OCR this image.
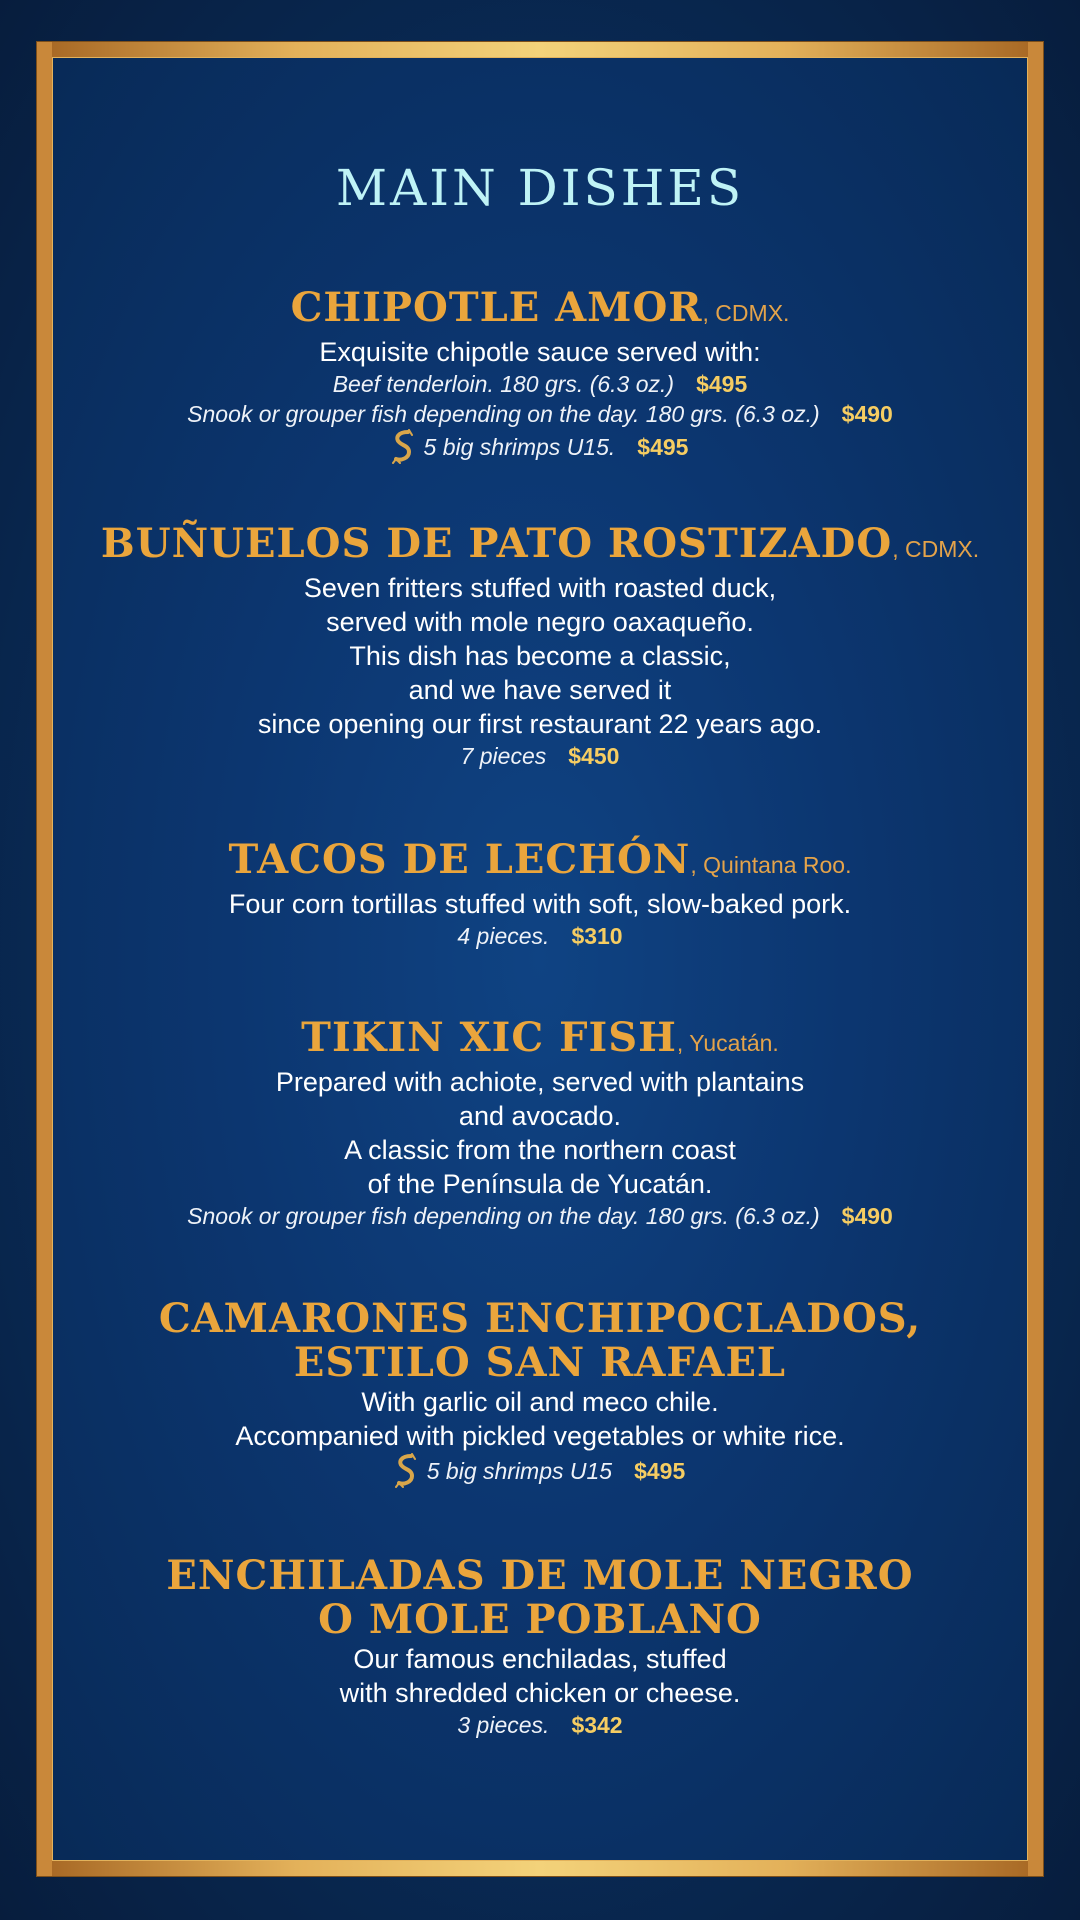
MAIN DISHES
CHIPOTLE AMOR, CDMX.
Exquisite chipotle sauce served with:
Beef tenderloin. 180 grs. (6.3 oz.) $495
Snook or grouper fish depending on the day. 180 grs. (6.3 oz.) $490
5 big shrimps U15. $495
BUÑUELOS DE PATO ROSTIZADO, CDMX.
Seven fritters stuffed with roasted duck,
served with mole negro oaxaqueño.
This dish has become a classic,
and we have served it
since opening our first restaurant 22 years ago.
7 pieces $450
TACOS DE LECHÓN, Quintana Roo.
Four corn tortillas stuffed with soft, slow-baked pork.
4 pieces. $310
TIKIN XIC FISH, Yucatán.
Prepared with achiote, served with plantains
and avocado.
A classic from the northern coast
of the Península de Yucatán.
Snook or grouper fish depending on the day. 180 grs. (6.3 oz.) $490
CAMARONES ENCHIPOCLADOS,
ESTILO SAN RAFAEL
With garlic oil and meco chile.
Accompanied with pickled vegetables or white rice.
5 big shrimps U15 $495
ENCHILADAS DE MOLE NEGRO
O MOLE POBLANO
Our famous enchiladas, stuffed
with shredded chicken or cheese.
3 pieces. $342
